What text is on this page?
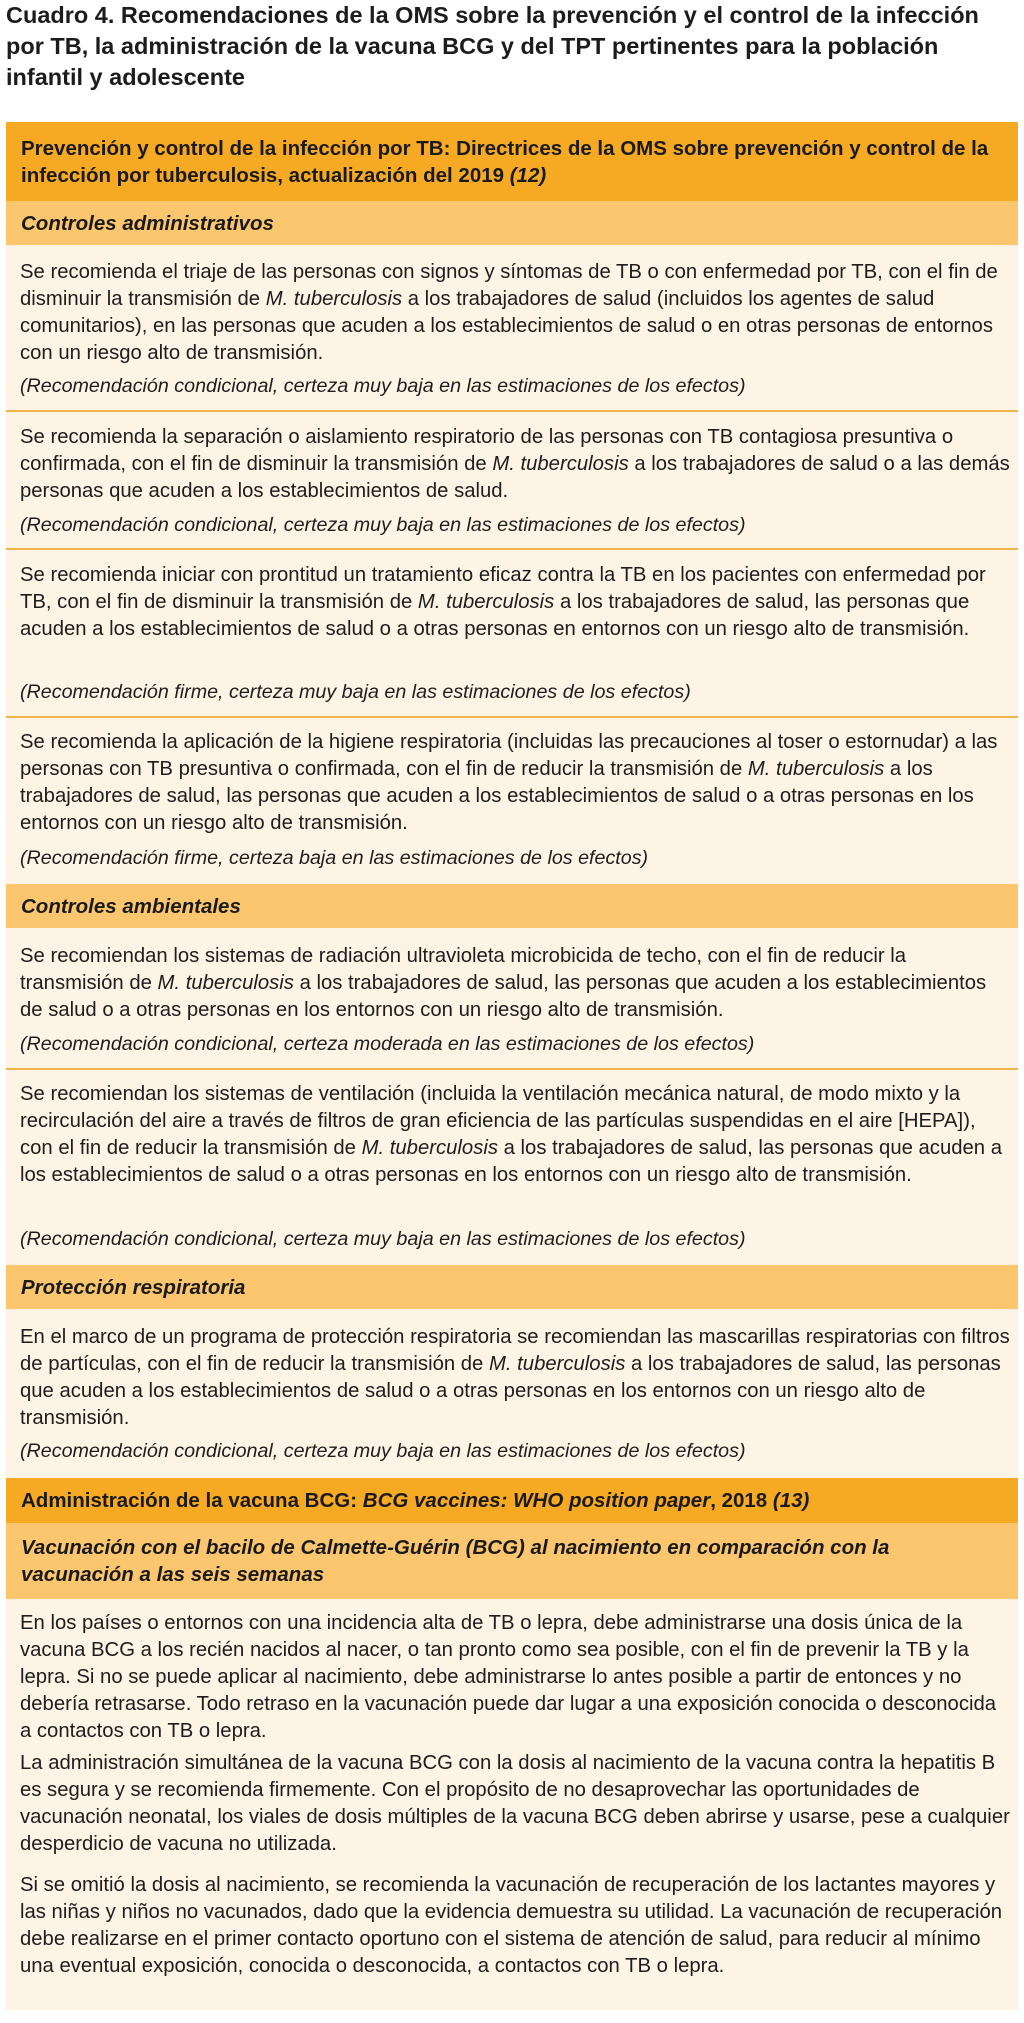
Cuadro 4. Recomendaciones de la OMS sobre la prevención y el control de la infección por TB, la administración de la vacuna BCG y del TPT pertinentes para la población infantil y adolescente
Prevención y control de la infección por TB: Directrices de la OMS sobre prevención y control de la infección por tuberculosis, actualización del 2019 (12)
Controles administrativos
Se recomienda el triaje de las personas con signos y síntomas de TB o con enfermedad por TB, con el fin de disminuir la transmisión de M. tuberculosis a los trabajadores de salud (incluidos los agentes de salud comunitarios), en las personas que acuden a los establecimientos de salud o en otras personas de entornos con un riesgo alto de transmisión.
(Recomendación condicional, certeza muy baja en las estimaciones de los efectos)
Se recomienda la separación o aislamiento respiratorio de las personas con TB contagiosa presuntiva o confirmada, con el fin de disminuir la transmisión de M. tuberculosis a los trabajadores de salud o a las demás personas que acuden a los establecimientos de salud.
(Recomendación condicional, certeza muy baja en las estimaciones de los efectos)
Se recomienda iniciar con prontitud un tratamiento eficaz contra la TB en los pacientes con enfermedad por TB, con el fin de disminuir la transmisión de M. tuberculosis a los trabajadores de salud, las personas que acuden a los establecimientos de salud o a otras personas en entornos con un riesgo alto de transmisión.
(Recomendación firme, certeza muy baja en las estimaciones de los efectos)
Se recomienda la aplicación de la higiene respiratoria (incluidas las precauciones al toser o estornudar) a las personas con TB presuntiva o confirmada, con el fin de reducir la transmisión de M. tuberculosis a los trabajadores de salud, las personas que acuden a los establecimientos de salud o a otras personas en los entornos con un riesgo alto de transmisión.
(Recomendación firme, certeza baja en las estimaciones de los efectos)
Controles ambientales
Se recomiendan los sistemas de radiación ultravioleta microbicida de techo, con el fin de reducir la transmisión de M. tuberculosis a los trabajadores de salud, las personas que acuden a los establecimientos de salud o a otras personas en los entornos con un riesgo alto de transmisión.
(Recomendación condicional, certeza moderada en las estimaciones de los efectos)
Se recomiendan los sistemas de ventilación (incluida la ventilación mecánica natural, de modo mixto y la recirculación del aire a través de filtros de gran eficiencia de las partículas suspendidas en el aire [HEPA]), con el fin de reducir la transmisión de M. tuberculosis a los trabajadores de salud, las personas que acuden a los establecimientos de salud o a otras personas en los entornos con un riesgo alto de transmisión.
(Recomendación condicional, certeza muy baja en las estimaciones de los efectos)
Protección respiratoria
En el marco de un programa de protección respiratoria se recomiendan las mascarillas respiratorias con filtros de partículas, con el fin de reducir la transmisión de M. tuberculosis a los trabajadores de salud, las personas que acuden a los establecimientos de salud o a otras personas en los entornos con un riesgo alto de transmisión.
(Recomendación condicional, certeza muy baja en las estimaciones de los efectos)
Administración de la vacuna BCG: BCG vaccines: WHO position paper, 2018 (13)
Vacunación con el bacilo de Calmette-Guérin (BCG) al nacimiento en comparación con la vacunación a las seis semanas
En los países o entornos con una incidencia alta de TB o lepra, debe administrarse una dosis única de la vacuna BCG a los recién nacidos al nacer, o tan pronto como sea posible, con el fin de prevenir la TB y la lepra. Si no se puede aplicar al nacimiento, debe administrarse lo antes posible a partir de entonces y no debería retrasarse. Todo retraso en la vacunación puede dar lugar a una exposición conocida o desconocida a contactos con TB o lepra.
La administración simultánea de la vacuna BCG con la dosis al nacimiento de la vacuna contra la hepatitis B es segura y se recomienda firmemente. Con el propósito de no desaprovechar las oportunidades de vacunación neonatal, los viales de dosis múltiples de la vacuna BCG deben abrirse y usarse, pese a cualquier desperdicio de vacuna no utilizada.
Si se omitió la dosis al nacimiento, se recomienda la vacunación de recuperación de los lactantes mayores y las niñas y niños no vacunados, dado que la evidencia demuestra su utilidad. La vacunación de recuperación debe realizarse en el primer contacto oportuno con el sistema de atención de salud, para reducir al mínimo una eventual exposición, conocida o desconocida, a contactos con TB o lepra.
